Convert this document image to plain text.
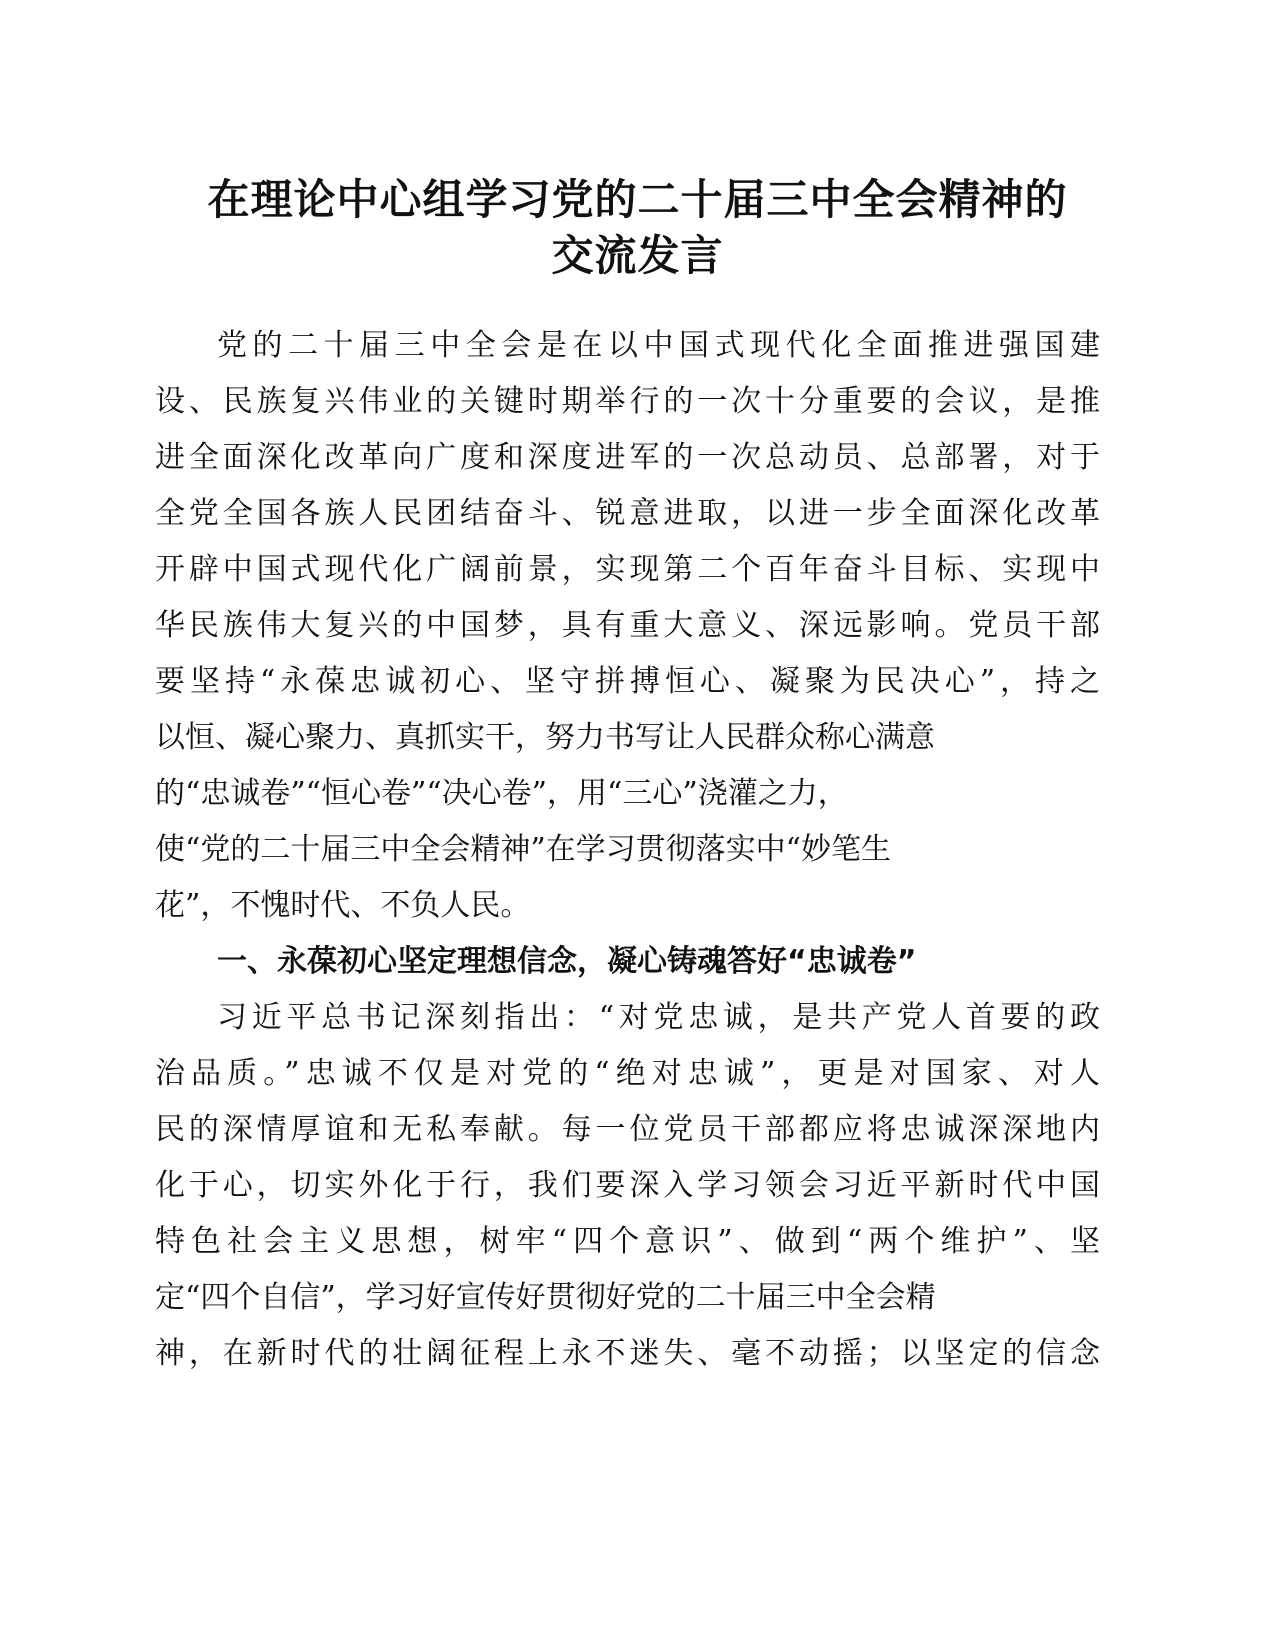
在理论中心组学习党的二十届三中全会精神的
交流发言
党的二十届三中全会是在以中国式现代化全面推进强国建
设、民族复兴伟业的关键时期举行的一次十分重要的会议，是推
进全面深化改革向广度和深度进军的一次总动员、总部署，对于
全党全国各族人民团结奋斗、锐意进取，以进一步全面深化改革
开辟中国式现代化广阔前景，实现第二个百年奋斗目标、实现中
华民族伟大复兴的中国梦，具有重大意义、深远影响。党员干部
要坚持“永葆忠诚初心、坚守拼搏恒心、凝聚为民决心”，持之
以恒、凝心聚力、真抓实干，努力书写让人民群众称心满意
的“忠诚卷”“恒心卷”“决心卷”，用“三心”浇灌之力，
使“党的二十届三中全会精神”在学习贯彻落实中“妙笔生
花”，不愧时代、不负人民。
一、永葆初心坚定理想信念，凝心铸魂答好“忠诚卷”
习近平总书记深刻指出：“对党忠诚，是共产党人首要的政
治品质。”忠诚不仅是对党的“绝对忠诚”，更是对国家、对人
民的深情厚谊和无私奉献。每一位党员干部都应将忠诚深深地内
化于心，切实外化于行，我们要深入学习领会习近平新时代中国
特色社会主义思想，树牢“四个意识”、做到“两个维护”、坚
定“四个自信”，学习好宣传好贯彻好党的二十届三中全会精
神，在新时代的壮阔征程上永不迷失、毫不动摇；以坚定的信念
